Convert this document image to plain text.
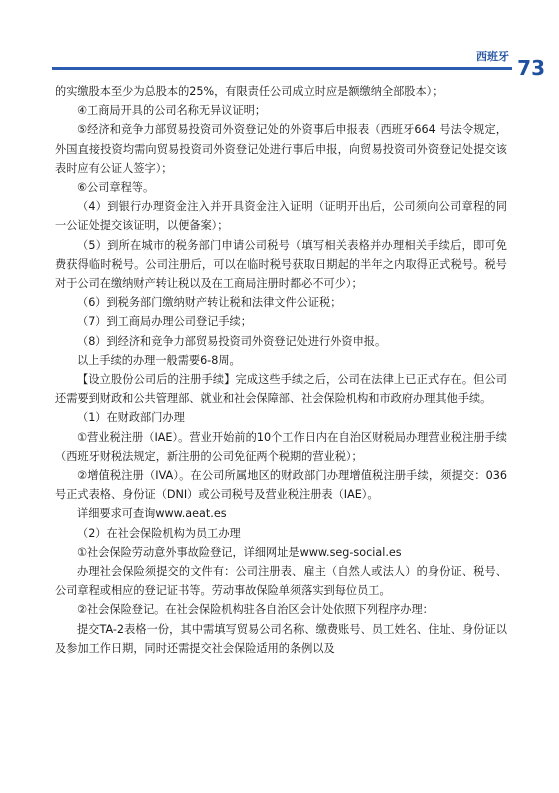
西班牙 73

的实缴股本至少为总股本的25%，有限责任公司成立时应是额缴纳全部股本）；

④工商局开具的公司名称无异议证明；

⑤经济和竞争力部贸易投资司外资登记处的外资事后申报表（西班牙664 号法令规定，外国直接投资均需向贸易投资司外资登记处进行事后申报，向贸易投资司外资登记处提交该表时应有公证人签字）；

⑥公司章程等。

（4）到银行办理资金注入并开具资金注入证明（证明开出后，公司须向公司章程的同一公证处提交该证明，以便备案）；

（5）到所在城市的税务部门申请公司税号（填写相关表格并办理相关手续后，即可免费获得临时税号。公司注册后，可以在临时税号获取日期起的半年之内取得正式税号。税号对于公司在缴纳财产转让税以及在工商局注册时都必不可少）；

（6）到税务部门缴纳财产转让税和法律文件公证税；

（7）到工商局办理公司登记手续；

（8）到经济和竞争力部贸易投资司外资登记处进行外资申报。

以上手续的办理一般需要6-8周。

【设立股份公司后的注册手续】完成这些手续之后，公司在法律上已正式存在。但公司还需要到财政和公共管理部、就业和社会保障部、社会保险机构和市政府办理其他手续。

（1）在财政部门办理

①营业税注册（IAE）。营业开始前的10个工作日内在自治区财税局办理营业税注册手续（西班牙财税法规定，新注册的公司免征两个税期的营业税）；

②增值税注册（IVA）。在公司所属地区的财政部门办理增值税注册手续，须提交：036号正式表格、身份证（DNI）或公司税号及营业税注册表（IAE）。

详细要求可查询www.aeat.es

（2）在社会保险机构为员工办理

①社会保险劳动意外事故险登记，详细网址是www.seg-social.es

办理社会保险须提交的文件有：公司注册表、雇主（自然人或法人）的身份证、税号、公司章程或相应的登记证书等。劳动事故保险单须落实到每位员工。

②社会保险登记。在社会保险机构驻各自治区会计处依照下列程序办理：

提交TA-2表格一份，其中需填写贸易公司名称、缴费账号、员工姓名、住址、身份证以及参加工作日期，同时还需提交社会保险适用的条例以及
